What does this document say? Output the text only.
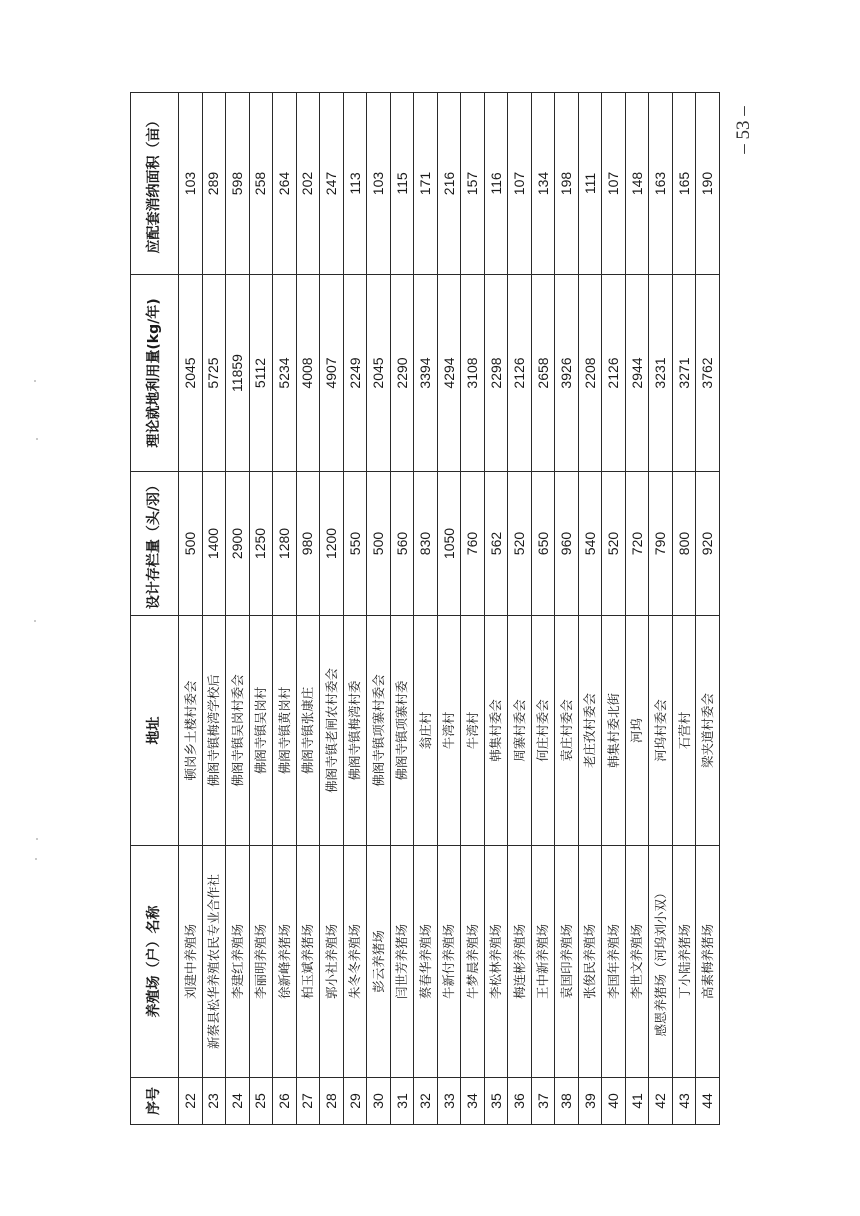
– 53 –
序号	养殖场（户）名称	地址	设计存栏量（头/羽）	理论就地利用量(kg/年)	应配套消纳面积（亩）
22	刘建中养殖场	顿岗乡土楼村委会	500	2045	103
23	新蔡县松华养殖农民专业合作社	佛阁寺镇梅湾学校后	1400	5725	289
24	李建红养殖场	佛阁寺镇吴岗村委会	2900	11859	598
25	李丽明养殖场	佛阁寺镇吴岗村	1250	5112	258
26	徐新峰养猪场	佛阁寺镇黄岗村	1280	5234	264
27	柏玉斌养猪场	佛阁寺镇张康庄	980	4008	202
28	郭小社养殖场	佛阁寺镇老闸农村委会	1200	4907	247
29	朱冬冬养殖场	佛阁寺镇梅湾村委	550	2249	113
30	彭云养猪场	佛阁寺镇项寨村委会	500	2045	103
31	闫世芳养猪场	佛阁寺镇项寨村委	560	2290	115
32	蔡春华养殖场	翁庄村	830	3394	171
33	牛新付养殖场	牛湾村	1050	4294	216
34	牛梦晨养殖场	牛湾村	760	3108	157
35	李松林养殖场	韩集村委会	562	2298	116
36	梅连彬养殖场	周寨村委会	520	2126	107
37	王中新养殖场	何庄村委会	650	2658	134
38	袁国印养殖场	袁庄村委会	960	3926	198
39	张俊民养殖场	老庄孜村委会	540	2208	111
40	李国年养殖场	韩集村委北街	520	2126	107
41	李世文养殖场	河坞	720	2944	148
42	感恩养猪场（河坞刘小双）	河坞村委会	790	3231	163
43	丁小陆养猪场	石营村	800	3271	165
44	高素梅养猪场	梁夹道村委会	920	3762	190
